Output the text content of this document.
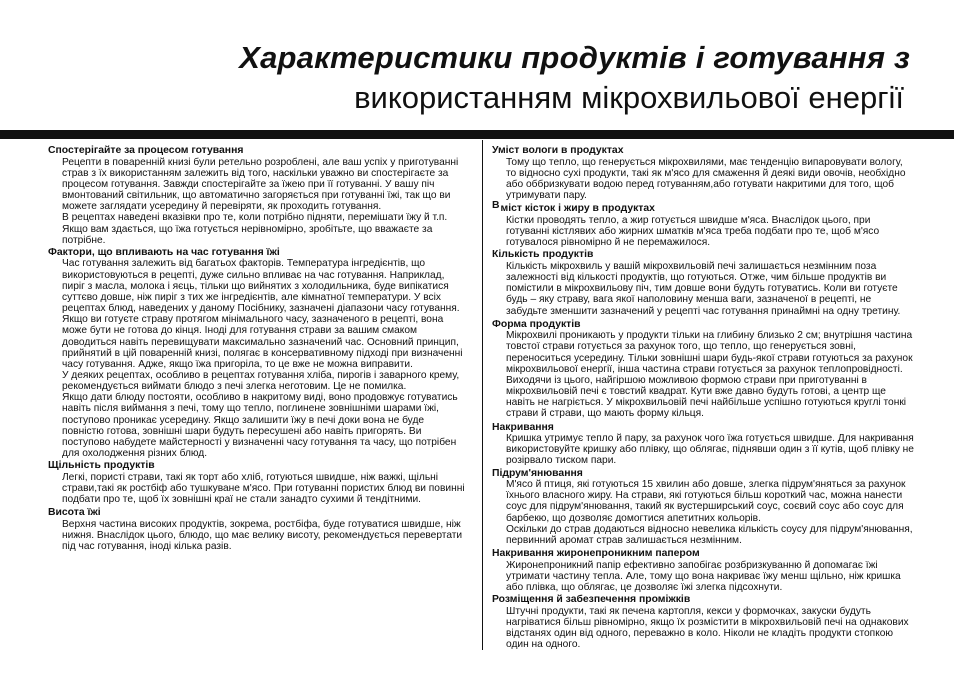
Характеристики продуктів і готування з
використанням мікрохвильової енергії
Спостерігайте за процесом готування

Рецепти в поваренній книзі були ретельно розроблені, але ваш успіх у приготуванні страв з їх використанням залежить від того, наскільки уважно ви спостерігаєте за процесом готування. Завжди спостерігайте за їжею при її готуванні. У вашу піч вмонтований світильник, що автоматично загоряється при готуванні їжі, так що ви можете заглядати усередину й перевіряти, як проходить готування.

В рецептах наведені вказівки про те, коли потрібно підняти, перемішати їжу й т.п. Якщо вам здається, що їжа готується нерівномірно, зробітьте, що вважаєте за потрібне.

Фактори, що впливають на час готування їжі

Час готування залежить від багатьох факторів. Температура інгредієнтів, що використовуються в рецепті, дуже сильно впливає на час готування. Наприклад, пиріг з масла, молока і яєць, тільки що вийнятих з холодильника, буде випікатися суттєво довше, ніж пиріг з тих же інгредієнтів, але кімнатної температури. У всіх рецептах блюд, наведених у даному Посібнику, зазначені діапазони часу готування. Якщо ви готуєте страву протягом мінімального часу, зазначеного в рецепті, вона може бути не готова до кінця. Іноді для готування страви за вашим смаком доводиться навіть перевищувати максимально зазначений час. Основний принцип, прийнятий в цій поваренній книзі, полягає в консервативному підході при визначенні часу готування. Адже, якщо їжа пригоріла, то це вже не можна виправити.

У деяких рецептах, особливо в рецептах готування хліба, пирогів і заварного крему, рекомендується виймати блюдо з печі злегка неготовим. Це не помилка.

Якщо дати блюду постояти, особливо в накритому виді, воно продовжує готуватись навіть після виймання з печі, тому що тепло, поглинене зовнішніми шарами їжі, поступово проникає усередину. Якщо залишити їжу в печі доки вона не буде повністю готова, зовнішні шари будуть пересушені або навіть пригорять. Ви поступово набудете майстерності у визначенні часу готування та часу, що потрібен для охолодження різних блюд.

Щільність продуктів

Легкі, пористі страви, такі як торт або хліб, готуються швидше, ніж важкі, щільні страви,такі як ростбіф або тушкуване м'ясо. При готуванні пористих блюд ви повинні подбати про те, щоб їх зовнішні краї не стали занадто сухими й тендітними.

Висота їжі

Верхня частина високих продуктів, зокрема, ростбіфа, буде готуватися швидше, ніж нижня. Внаслідок цього, блюдо, що має велику висоту, рекомендується перевертати під час готування, іноді кілька разів.

Уміст вологи в продуктах

Тому що тепло, що генерується мікрохвилями, має тенденцію випаровувати вологу, то відносно сухі продукти, такі як м'ясо для смаження й деякі види овочів, необхідно або оббризкувати водою перед готуванням,або готувати накритими для того, щоб утримувати пару.

Вміст кісток і жиру в продуктах

Кістки проводять тепло, а жир готується швидше м'яса. Внаслідок цього, при готуванні кістлявих або жирних шматків м'яса треба подбати про те, щоб м'ясо готувалося рівномірно й не перемажилося.

Кількість продуктів

Кількість мікрохвиль у вашій мікрохвильовій печі залишається незмінним поза залежності від кількості продуктів, що готуються. Отже, чим більше продуктів ви помістили в мікрохвильову піч, тим довше вони будуть готуватись. Коли ви готуєте будь – яку страву, вага якої наполовину менша ваги, зазначеної в рецепті, не забудьте зменшити зазначений у рецепті час готування принаймні на одну третину.

Форма продуктів

Мікрохвилі проникають у продукти тільки на глибину близько 2 см; внутрішня частина товстої страви готується за рахунок того, що тепло, що генерується зовні, переноситься усередину. Тільки зовнішні шари будь-якої страви готуються за рахунок мікрохвильової енергії, інша частина страви готується за рахунок теплопровідності. Виходячи із цього, найгіршою можливою формою страви при приготуванні в мікрохвильовій печі є товстий квадрат. Кути вже давно будуть готові, а центр ще навіть не нагріється. У мікрохвильовій печі найбільше успішно готуються круглі тонкі страви й страви, що мають форму кільця.

Накривання

Кришка утримує тепло й пару, за рахунок чого їжа готується швидше. Для накривання використовуйте кришку або плівку, що облягає, піднявши один з її кутів, щоб плівку не розірвало тиском пари.

Підрум'янювання

М'ясо й птиця, які готуються 15 хвилин або довше, злегка підрум'яняться за рахунок їхнього власного жиру. На страви, які готуються більш короткий час, можна нанести соус для підрум'янювання, такий як вустерширський соус, соєвий соус або соус для барбекю, що дозволяє домогтися апетитних кольорів.

Оскільки до страв додаються відносно невелика кількість соусу для підрум'янювання, первинний аромат страв залишається незмінним.

Накривання жиронепроникним папером

Жиронепроникний папір ефективно запобігає розбризкуванню й допомагає їжі утримати частину тепла. Але, тому що вона накриває їжу менш щільно, ніж кришка або плівка, що облягає, це дозволяє їжі злегка підсохнути.

Розміщення й забезпечення проміжків

Штучні продукти, такі як печена картопля, кекси у формочках, закуски будуть нагріватися більш рівномірно, якщо їх розмістити в мікрохвильовій печі на однакових відстанях один від одного, переважно в коло. Ніколи не кладіть продукти стопкою один на одного.
